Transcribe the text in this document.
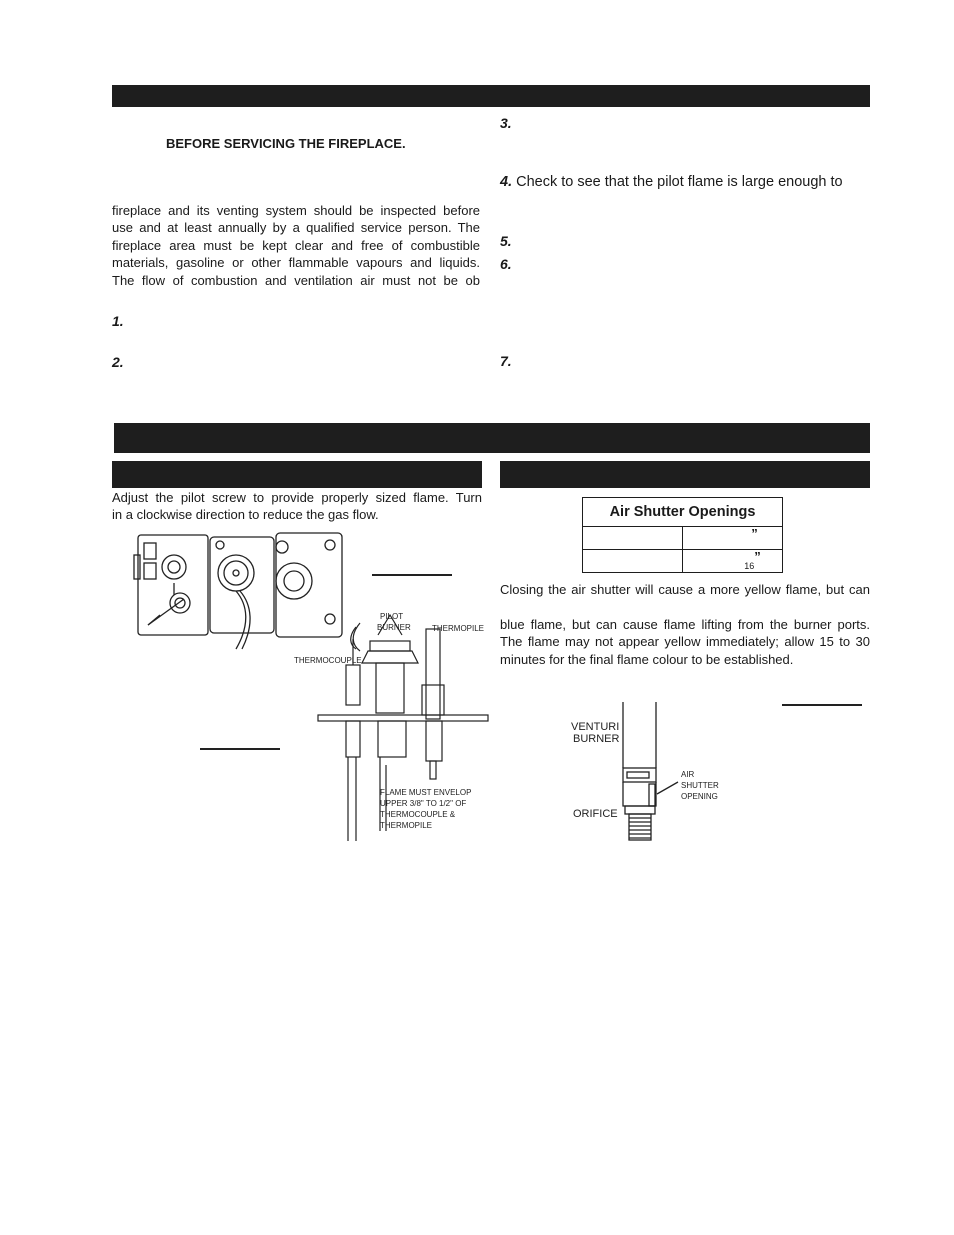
BEFORE SERVICING THE FIREPLACE.
fireplace and its venting system should be inspected before
use and at least annually by a qualified service person. The
fireplace area must be kept clear and free of combustible
materials, gasoline or other flammable vapours and liquids.
The flow of combustion and ventilation air must not be ob
1.
2.
3.
4. Check to see that the pilot flame is large enough to
5.
6.
7.
Adjust the pilot screw to provide properly sized flame. Turn
in a clockwise direction to reduce the gas flow.
PILOT
BURNER	THERMOPILE
THERMOCOUPLE
FLAME MUST ENVELOP
UPPER 3/8" TO 1/2" OF
THERMOCOUPLE &
THERMOPILE
Air Shutter Openings	
	”
	$_{16}$”
Closing the air shutter will cause a more yellow flame, but can
blue flame, but can cause flame lifting from the burner ports.
The flame may not appear yellow immediately; allow 15 to 30
minutes for the final flame colour to be established.
VENTURI
BURNER
ORIFICE
AIR
SHUTTER
OPENING
